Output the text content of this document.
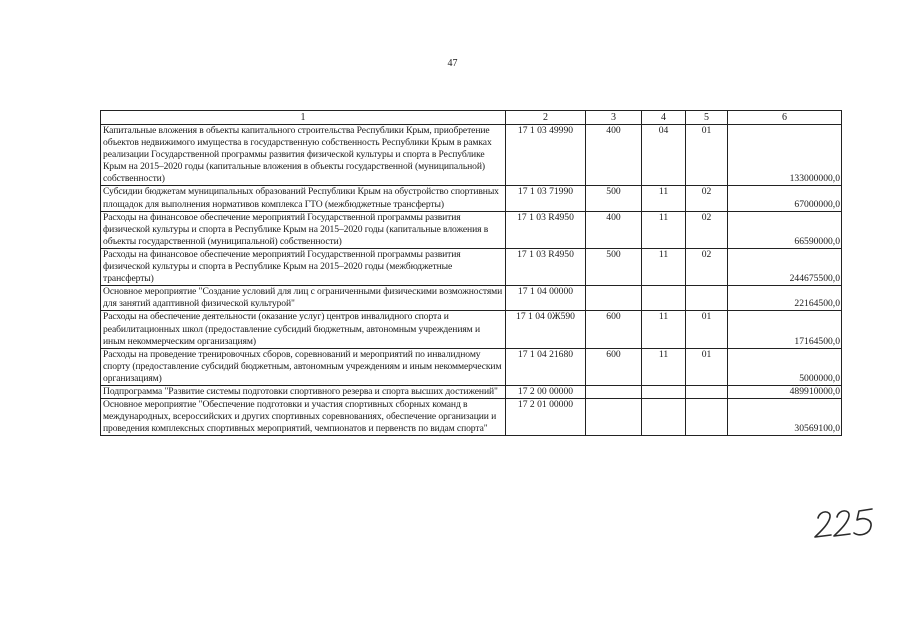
47
1	2	3	4	5	6
Капитальные вложения в объекты капитального строительства Республики Крым, приобретение объектов недвижимого имущества в государственную собственность Республики Крым в рамках реализации Государственной программы развития физической культуры и спорта в Республике Крым на 2015–2020 годы (капитальные вложения в объекты государственной (муниципальной) собственности)	17 1 03 49990	400	04	01	133000000,0
Субсидии бюджетам муниципальных образований Республики Крым на обустройство спортивных площадок для выполнения нормативов комплекса ГТО (межбюджетные трансферты)	17 1 03 71990	500	11	02	67000000,0
Расходы на финансовое обеспечение мероприятий Государственной программы развития физической культуры и спорта в Республике Крым на 2015–2020 годы (капитальные вложения в объекты государственной (муниципальной) собственности)	17 1 03 R4950	400	11	02	66590000,0
Расходы на финансовое обеспечение мероприятий Государственной программы развития физической культуры и спорта в Республике Крым на 2015–2020 годы (межбюджетные трансферты)	17 1 03 R4950	500	11	02	244675500,0
Основное мероприятие "Создание условий для лиц с ограниченными физическими возможностями для занятий адаптивной физической культурой"	17 1 04 00000				22164500,0
Расходы на обеспечение деятельности (оказание услуг) центров инвалидного спорта и реабилитационных школ (предоставление субсидий бюджетным, автономным учреждениям и иным некоммерческим организациям)	17 1 04 0Ж590	600	11	01	17164500,0
Расходы на проведение тренировочных сборов, соревнований и мероприятий по инвалидному спорту (предоставление субсидий бюджетным, автономным учреждениям и иным некоммерческим организациям)	17 1 04 21680	600	11	01	5000000,0
Подпрограмма "Развитие системы подготовки спортивного резерва и спорта высших достижений"	17 2 00 00000				489910000,0
Основное мероприятие "Обеспечение подготовки и участия спортивных сборных команд в международных, всероссийских и других спортивных соревнованиях, обеспечение организации и проведения комплексных спортивных мероприятий, чемпионатов и первенств по видам спорта"	17 2 01 00000				30569100,0
